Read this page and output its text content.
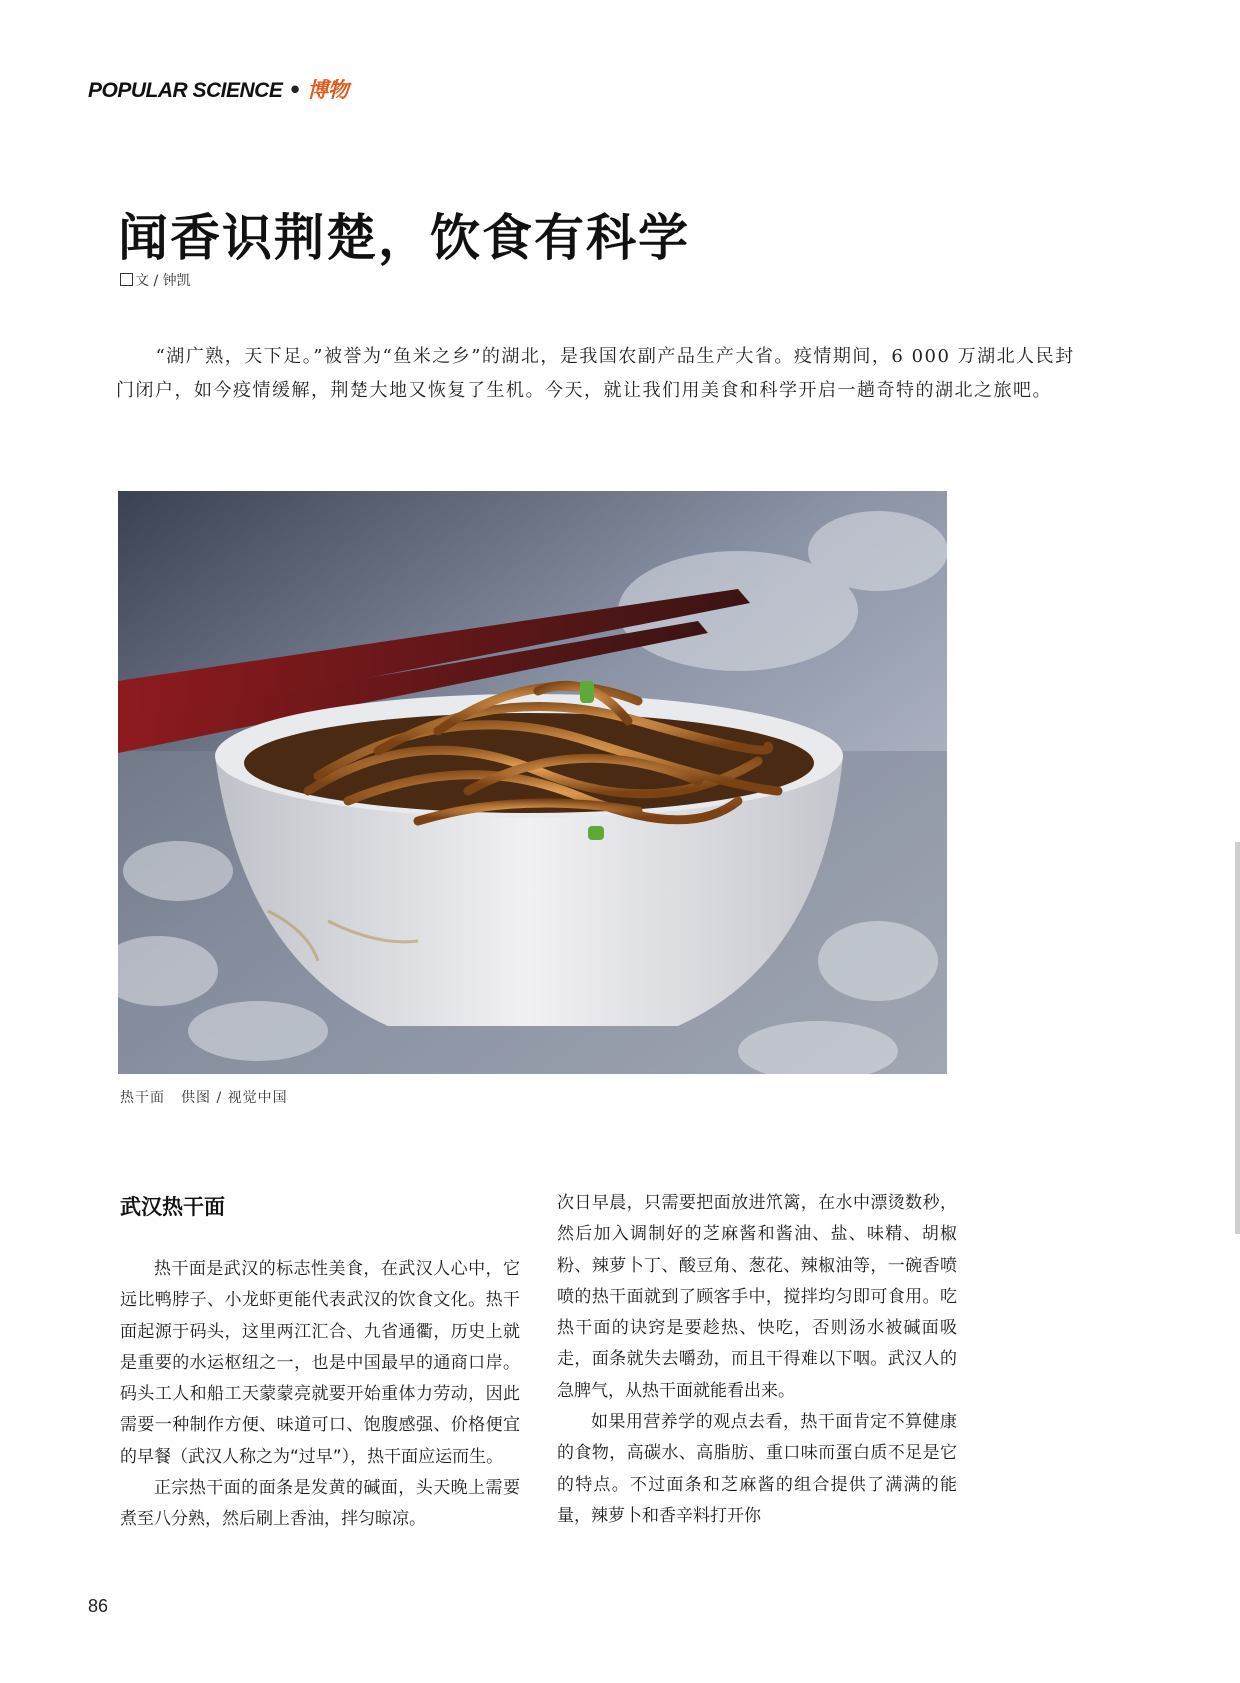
POPULAR SCIENCE • 博物
闻香识荆楚，饮食有科学
文 / 钟凯

“湖广熟，天下足。”被誉为“鱼米之乡”的湖北，是我国农副产品生产大省。疫情期间，6 000 万湖北人民封门闭户，如今疫情缓解，荆楚大地又恢复了生机。今天，就让我们用美食和科学开启一趟奇特的湖北之旅吧。

热干面 供图 / 视觉中国
武汉热干面

热干面是武汉的标志性美食，在武汉人心中，它远比鸭脖子、小龙虾更能代表武汉的饮食文化。热干面起源于码头，这里两江汇合、九省通衢，历史上就是重要的水运枢纽之一，也是中国最早的通商口岸。码头工人和船工天蒙蒙亮就要开始重体力劳动，因此需要一种制作方便、味道可口、饱腹感强、价格便宜的早餐（武汉人称之为“过早”），热干面应运而生。

正宗热干面的面条是发黄的碱面，头天晚上需要煮至八分熟，然后刷上香油，拌匀晾凉。

次日早晨，只需要把面放进笊篱，在水中漂烫数秒，然后加入调制好的芝麻酱和酱油、盐、味精、胡椒粉、辣萝卜丁、酸豆角、葱花、辣椒油等，一碗香喷喷的热干面就到了顾客手中，搅拌均匀即可食用。吃热干面的诀窍是要趁热、快吃，否则汤水被碱面吸走，面条就失去嚼劲，而且干得难以下咽。武汉人的急脾气，从热干面就能看出来。

如果用营养学的观点去看，热干面肯定不算健康的食物，高碳水、高脂肪、重口味而蛋白质不足是它的特点。不过面条和芝麻酱的组合提供了满满的能量，辣萝卜和香辛料打开你

86
